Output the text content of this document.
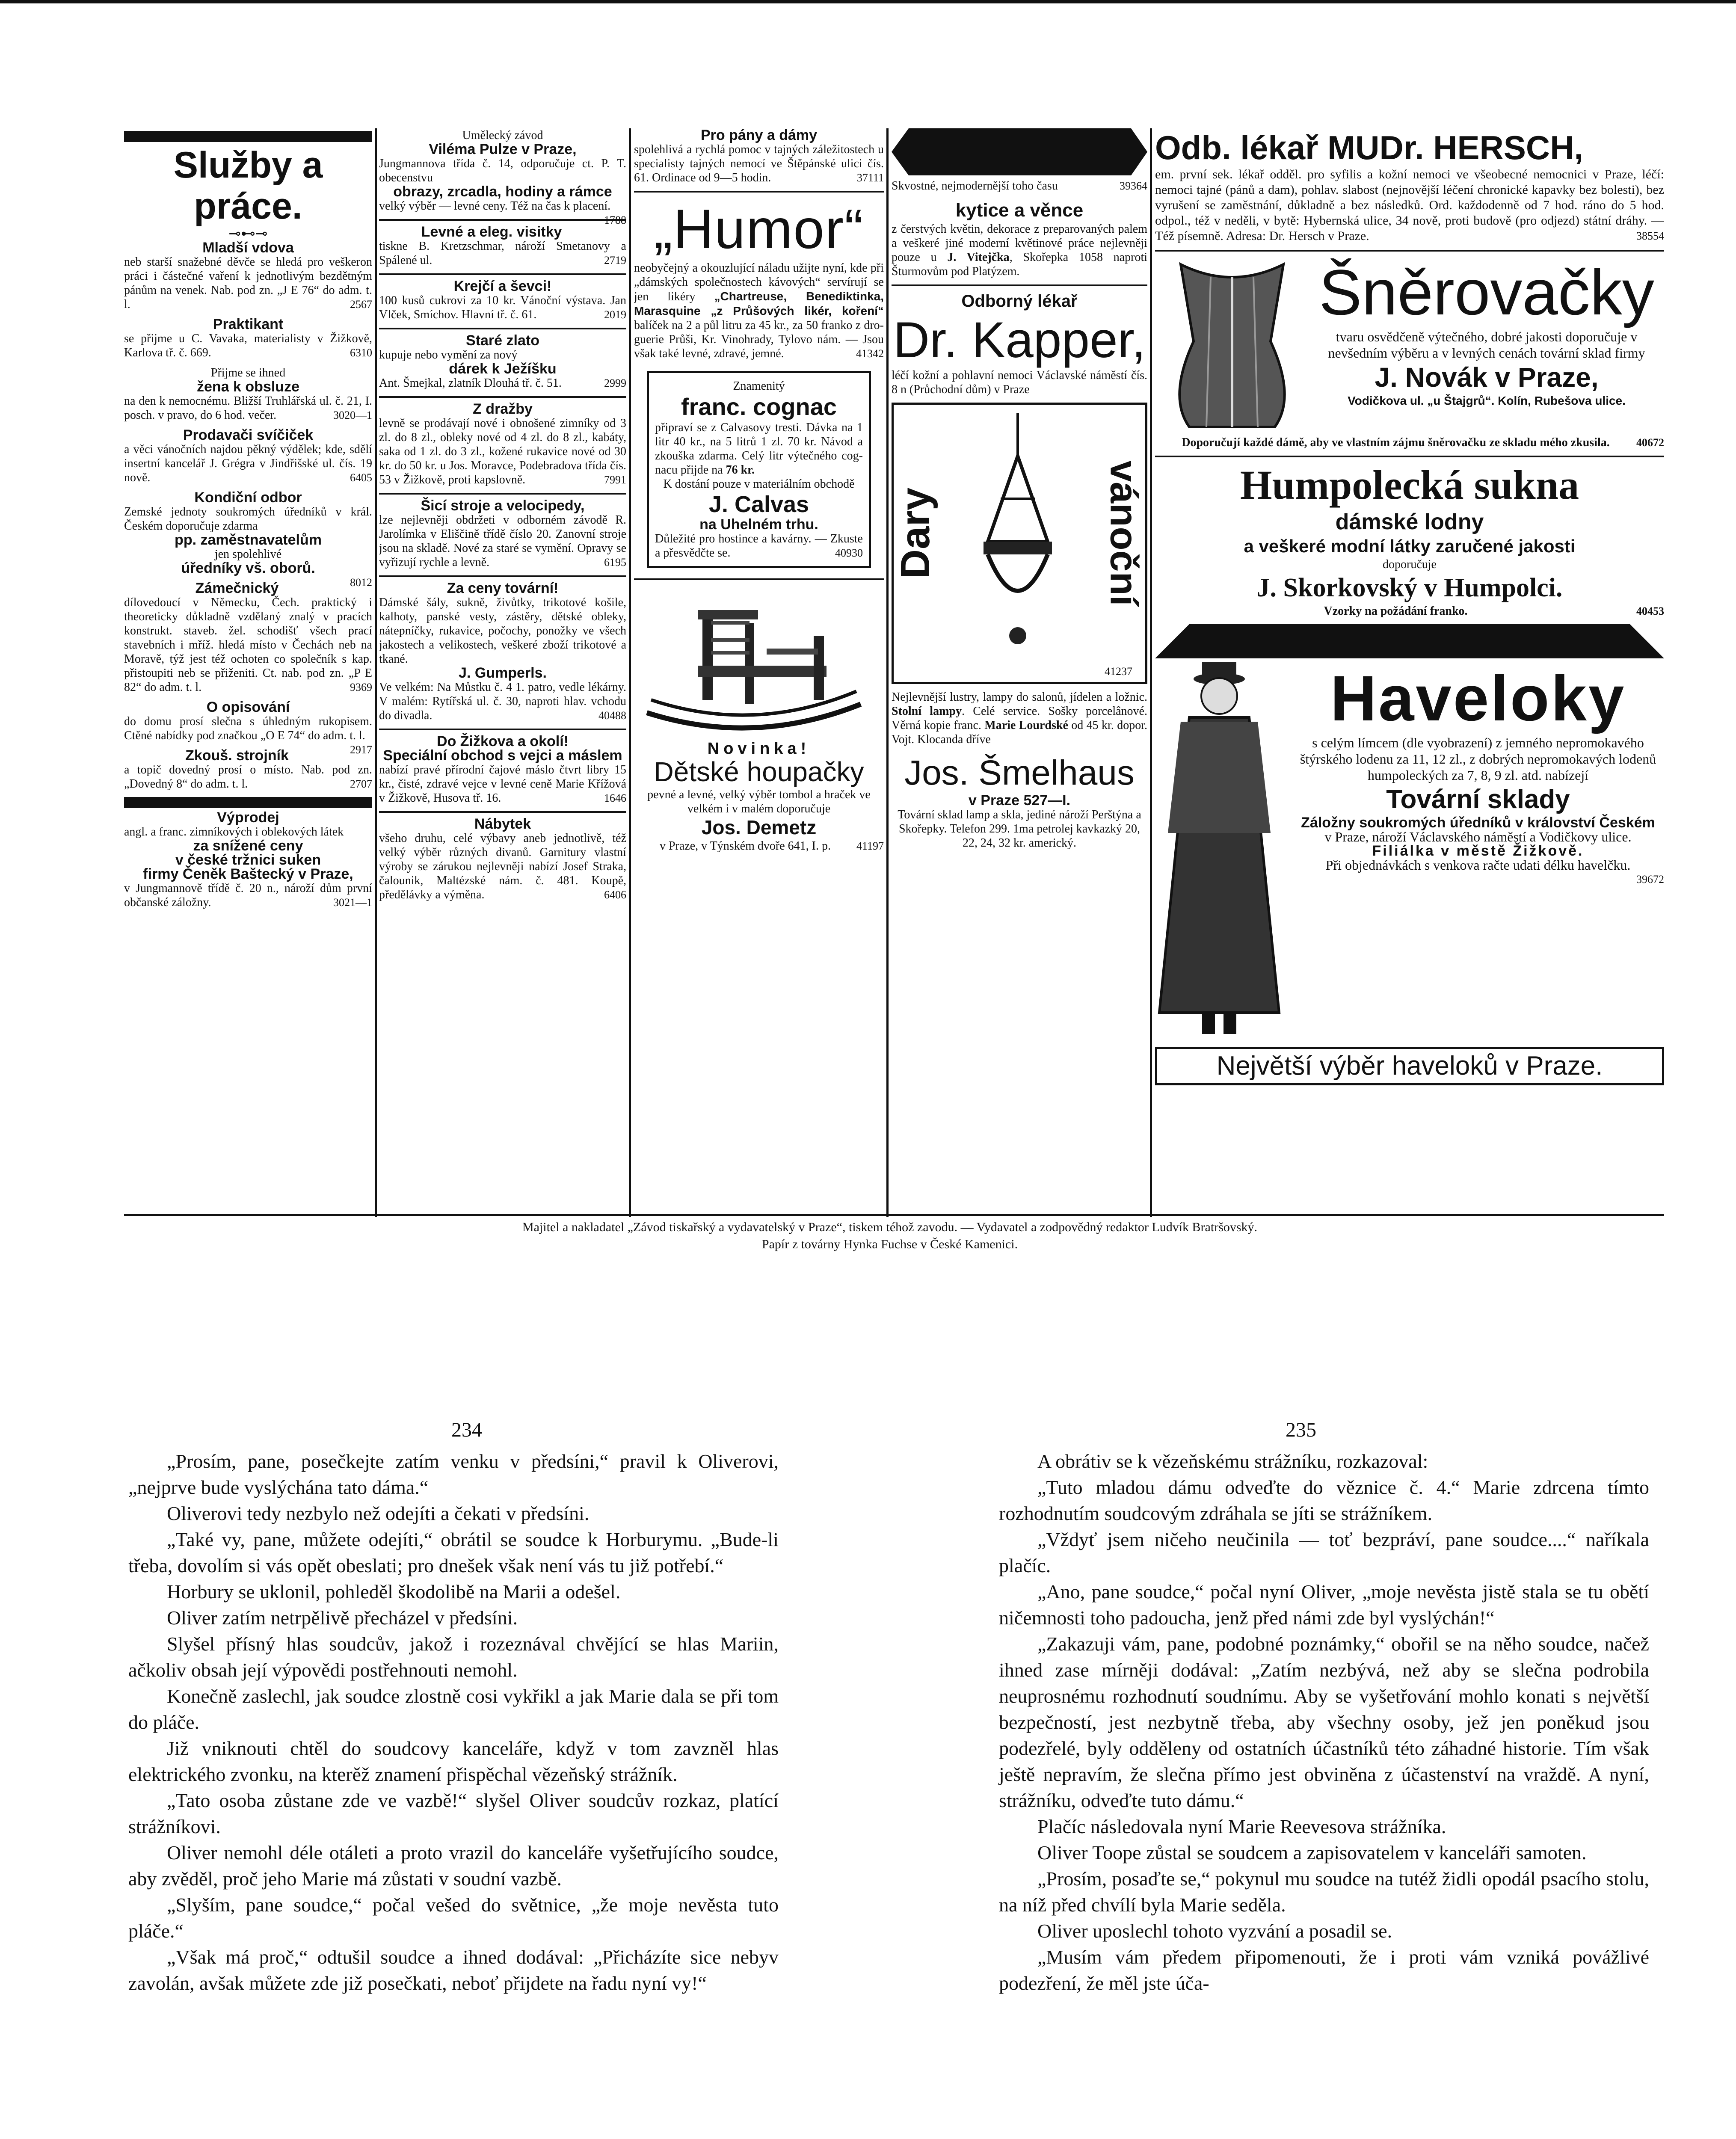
Služby a práce.
⊸⊷⊸
Mladší vdova
neb starší snažebné děvče se hledá pro veškeron práci i částečné vaření k jednotlivým bezdětným pánům na venek. Nab. pod zn. „J E 76“ do adm. t. l.	2567
Praktikant
se přijme u C. Vavaka, materialisty v Žižkově, Karlova tř. č. 669.	6310
Přijme se ihned
žena k obsluze
na den k nemocnému. Bližší Truhlářská ul. č. 21, I. posch. v pravo, do 6 hod. večer.	3020—1
Prodavači svíčiček
a věci vánočních najdou pěkný výdělek; kde, sdělí insertní kancelář J. Grégra v Jindřišské ul. čís. 19 nově.	6405
Kondiční odbor
Zemské jednoty soukromých úředníků v král. Českém doporučuje zdarma
pp. zaměstnavatelům
jen spolehlivé
úředníky vš. oborů.
8012
Zámečnický
dílovedoucí v Německu, Čech. praktický i theoreticky důkladně vzdělaný znalý v pracích konstrukt. staveb. žel. schodišť všech prací stavebních i mříž. hledá místo v Čechách neb na Moravě, týž jest též ochoten co společník s kap. přistoupiti neb se přiženiti. Ct. nab. pod zn. „P E 82“ do adm. t. l.	9369
O opisování
do domu prosí slečna s úhledným rukopisem. Ctěné nabídky pod značkou „O E 74“ do adm. t. l.
2917
Zkouš. strojník
a topič dovedný prosí o místo. Nab. pod zn. „Dovedný 8“ do adm. t. l.	2707
Výprodej
angl. a franc. zimníkových i oblekových látek
za snížené ceny
v české tržnici suken
firmy Čeněk Baštecký v Praze,
v Jungmannově třídě č. 20 n., nároží dům první občanské záložny.	3021—1
Umělecký závod
Viléma Pulze v Praze,
Jungmannova třída č. 14, odporučuje ct. P. T. obecenstvu
obrazy, zrcadla, hodiny a rámce
velký výběr — levné ceny. Též na čas k placení.
1788
Levné a eleg. visitky
tiskne B. Kretzschmar, nároží Smetanovy a Spálené ul.	2719
Krejčí a ševci!
100 kusů cukrovi za 10 kr. Vánoční výstava. Jan Vlček, Smíchov. Hlavní tř. č. 61.	2019
Staré zlato
kupuje nebo vymění za nový
dárek k Ježíšku
Ant. Šmejkal, zlatník Dlouhá tř. č. 51.	2999
Z dražby
levně se prodávají nové i obnošené zimníky od 3 zl. do 8 zl., obleky nové od 4 zl. do 8 zl., kabáty, saka od 1 zl. do 3 zl., kožené rukavice nové od 30 kr. do 50 kr. u Jos. Moravce, Podebradova třída čís. 53 v Žižkově, proti kapslovně.	7991
Šicí stroje a velocipedy,
lze nejlevněji obdržeti v odborném závodě R. Jarolímka v Eliščině třídě číslo 20. Zanovní stroje jsou na skladě. Nové za staré se vymění. Opravy se vyřizují rychle a levně.	6195
Za ceny tovární!
Dámské šály, sukně, živůtky, trikotové košile, kalhoty, panské vesty, zástěry, dětské obleky, nátepníčky, rukavice, počochy, ponožky ve všech jakostech a velikostech, veškeré zboží trikotové a tkané.
J. Gumperls.
Ve velkém: Na Můstku č. 4 1. patro, vedle lékárny. V malém: Rytířská ul. č. 30, naproti hlav. vchodu do divadla.	40488
Do Žižkova a okolí!
Speciální obchod s vejci a máslem
nabízí pravé přírodní čajové máslo čtvrt libry 15 kr., čisté, zdravé vejce v levné ceně Marie Křížová v Žižkově, Husova tř. 16.	1646
Nábytek
všeho druhu, celé výbavy aneb jednotlivě, též velký výběr různých divanů. Garnitury vlastní výroby se zárukou nejlevněji nabízí Josef Straka, čalounik, Maltézské nám. č. 481. Koupě, předělávky a výměna.	6406
Pro pány a dámy
spolehlivá a rychlá pomoc v tajných záležitostech u specialisty tajných nemocí ve Štěpánské ulici čís. 61. Ordinace od 9—5 hodin.	37111
„Humor“
neobyčejný a okouzlující náladu užijte nyní, kde při „dámských společnostech kávových“ servírují se jen likéry „Chartreuse, Benediktinka, Marasquine „z Průšových likér, koření“ balíček na 2 a půl litru za 45 kr., za 50 franko z droguerie Průši, Kr. Vinohrady, Tylovo nám. — Jsou však také levné, zdravé, jemné.	41342
Znamenitý
franc. cognac
připraví se z Calvasovy tresti. Dávka na 1 litr 40 kr., na 5 litrů 1 zl. 70 kr. Návod a zkouška zdarma. Celý litr výtečného cognacu přijde na 76 kr.
K dostání pouze v materiálním obchodě
J. Calvas
na Uhelném trhu.
Důležité pro hostince a kavárny. — Zkuste a přesvědčte se.	40930
Novinka!
Dětské houpačky
pevné a levné, velký výběr tombol a hraček ve velkém i v malém doporučuje
Jos. Demetz
v Praze, v Týnském dvoře 641, I. p. 41197
Skvostné, nejmodernější toho času	39364
kytice a věnce
z čerstvých květin, dekorace z preparovaných palem a veškeré jiné moderní květinové práce nejlevněji pouze u J. Vitejčka, Skořepka 1058 naproti Šturmovům pod Platýzem.
Odborný lékař
Dr. Kapper,
léčí kožní a pohlavní nemoci Václavské náměstí čís. 8 n (Průchodní dům) v Praze
Dary	vánoční
41237
Nejlevnější lustry, lampy do salonů, jídelen a ložnic. Stolní lampy. Celé service. Sošky porcelânové. Věrná kopie franc. Marie Lourdské od 45 kr. dopor. Vojt. Klocanda dříve
Jos. Šmelhaus
v Praze 527—I.
Tovární sklad lamp a skla, jediné nároží Perštýna a Skořepky. Telefon 299. 1ma petrolej kavkazký 20, 22, 24, 32 kr. americký.
Odb. lékař MUDr. HERSCH,
em. první sek. lékař odděl. pro syfilis a kožní nemoci ve všeobecné nemocnici v Praze, léčí: nemoci tajné (pánů a dam), pohlav. slabost (nejnovější léčení chronické kapavky bez bolesti), bez vyrušení se zaměstnání, důkladně a bez následků. Ord. každodenně od 7 hod. ráno do 5 hod. odpol., též v neděli, v bytě: Hybernská ulice, 34 nově, proti budově (pro odjezd) státní dráhy. — Též písemně. Adresa: Dr. Hersch v Praze.	38554
Šněrovačky
tvaru osvědčeně výtečného, dobré jakosti doporučuje v nevšedním výběru a v levných cenách tovární sklad firmy
J. Novák v Praze,
Vodičkova ul. „u Štajgrů“. Kolín, Rubešova ulice.
Doporučují každé dámě, aby ve vlastním zájmu šněrovačku ze skladu mého zkusila. 40672
Humpolecká sukna
dámské lodny
a veškeré modní látky zaručené jakosti
doporučuje
J. Skorkovský v Humpolci.
Vzorky na požádání franko.	40453
Haveloky
s celým límcem (dle vyobrazení) z jemného nepromokavého štýrského lodenu za 11, 12 zl., z dobrých nepromokavých lodenů humpoleckých za 7, 8, 9 zl. atd. nabízejí
Tovární sklady
Záložny soukromých úředníků v království Českém
v Praze, nároží Václavského náměstí a Vodičkovy ulice.
Filiálka v městě Žižkově.
Při objednávkách s venkova račte udati délku havelčku.
39672
Největší výběr haveloků v Praze.
Majitel a nakladatel „Závod tiskařský a vydavatelský v Praze“, tiskem téhož zavodu. — Vydavatel a zodpovědný redaktor Ludvík Bratršovský.
Papír z továrny Hynka Fuchse v České Kamenici.
234	235

„Prosím, pane, posečkejte zatím venku v předsíni,“ pravil k Oliverovi, „nejprve bude vyslýchána tato dáma.“

Oliverovi tedy nezbylo než odejíti a čekati v předsíni.

„Také vy, pane, můžete odejíti,“ obrátil se soudce k Horburymu. „Bude-li třeba, dovolím si vás opět obeslati; pro dnešek však není vás tu již potřebí.“

Horbury se uklonil, pohleděl škodolibě na Marii a odešel.

Oliver zatím netrpělivě přecházel v předsíni.

Slyšel přísný hlas soudcův, jakož i rozeznával chvějící se hlas Mariin, ačkoliv obsah její výpovědi postřehnouti nemohl.

Konečně zaslechl, jak soudce zlostně cosi vykřikl a jak Marie dala se při tom do pláče.

Již vniknouti chtěl do soudcovy kanceláře, když v tom zavzněl hlas elektrického zvonku, na kterěž znamení přispěchal vězeňský strážník.

„Tato osoba zůstane zde ve vazbě!“ slyšel Oliver soudcův rozkaz, platící strážníkovi.

Oliver nemohl déle otáleti a proto vrazil do kanceláře vyšetřujícího soudce, aby zvěděl, proč jeho Marie má zůstati v soudní vazbě.

„Slyším, pane soudce,“ počal vešed do světnice, „že moje nevěsta tuto pláče.“

„Však má proč,“ odtušil soudce a ihned dodával: „Přicházíte sice nebyv zavolán, avšak můžete zde již posečkati, neboť přijdete na řadu nyní vy!“

A obrátiv se k vězeňskému strážníku, rozkazoval:

„Tuto mladou dámu odveďte do věznice č. 4.“ Marie zdrcena tímto rozhodnutím soudcovým zdráhala se jíti se strážníkem.

„Vždyť jsem ničeho neučinila — toť bezpráví, pane soudce....“ naříkala plačíc.

„Ano, pane soudce,“ počal nyní Oliver, „moje nevěsta jistě stala se tu obětí ničemnosti toho padoucha, jenž před námi zde byl vyslýchán!“

„Zakazuji vám, pane, podobné poznámky,“ obořil se na něho soudce, načež ihned zase mírněji dodával: „Zatím nezbývá, než aby se slečna podrobila neuprosnému rozhodnutí soudnímu. Aby se vyšetřování mohlo konati s největší bezpečností, jest nezbytně třeba, aby všechny osoby, jež jen poněkud jsou podezřelé, byly odděleny od ostatních účastníků této záhadné historie. Tím však ještě nepravím, že slečna přímo jest obviněna z účastenství na vraždě. A nyní, strážníku, odveďte tuto dámu.“

Plačíc následovala nyní Marie Reevesova strážníka.

Oliver Toope zůstal se soudcem a zapisovatelem v kanceláři samoten.

„Prosím, posaďte se,“ pokynul mu soudce na tutéž židli opodál psacího stolu, na níž před chvílí byla Marie seděla.

Oliver uposlechl tohoto vyzvání a posadil se.

„Musím vám předem připomenouti, že i proti vám vzniká povážlivé podezření, že měl jste úča-
